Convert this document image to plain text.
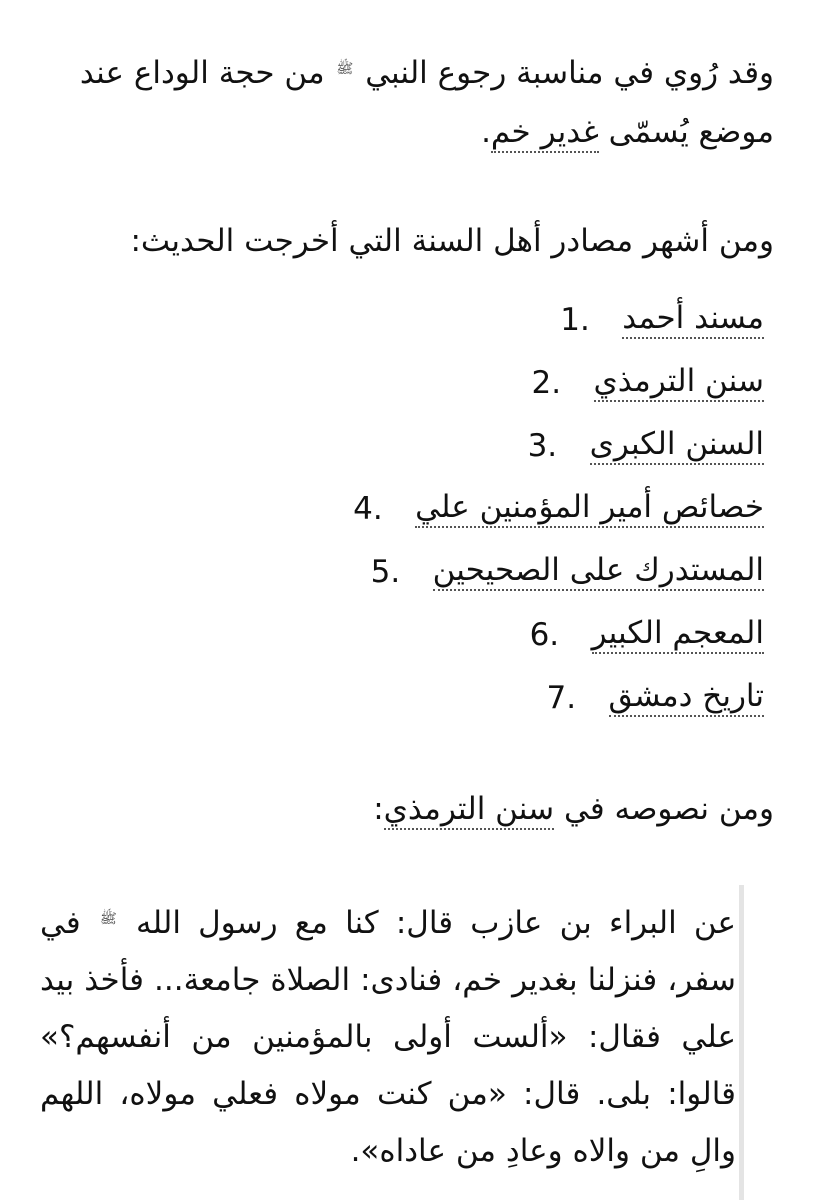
وقد رُوي في مناسبة رجوع النبي $^ﷺ$ من حجة الوداع عند موضع يُسمّى غدير خم.

ومن أشهر مصادر أهل السنة التي أخرجت الحديث:

مسند أحمد
1.
سنن الترمذي
2.
السنن الكبرى
3.
خصائص أمير المؤمنين علي
4.
المستدرك على الصحيحين
5.
المعجم الكبير
6.
تاريخ دمشق
7.

ومن نصوصه في سنن الترمذي:

عن البراء بن عازب قال: كنا مع رسول الله $^ﷺ$ في سفر، فنزلنا بغدير خم، فنادى: الصلاة جامعة... فأخذ بيد علي فقال: «ألست أولى بالمؤمنين من أنفسهم؟» قالوا: بلى. قال: «من كنت مولاه فعلي مولاه، اللهم والِ من والاه وعادِ من عاداه».
